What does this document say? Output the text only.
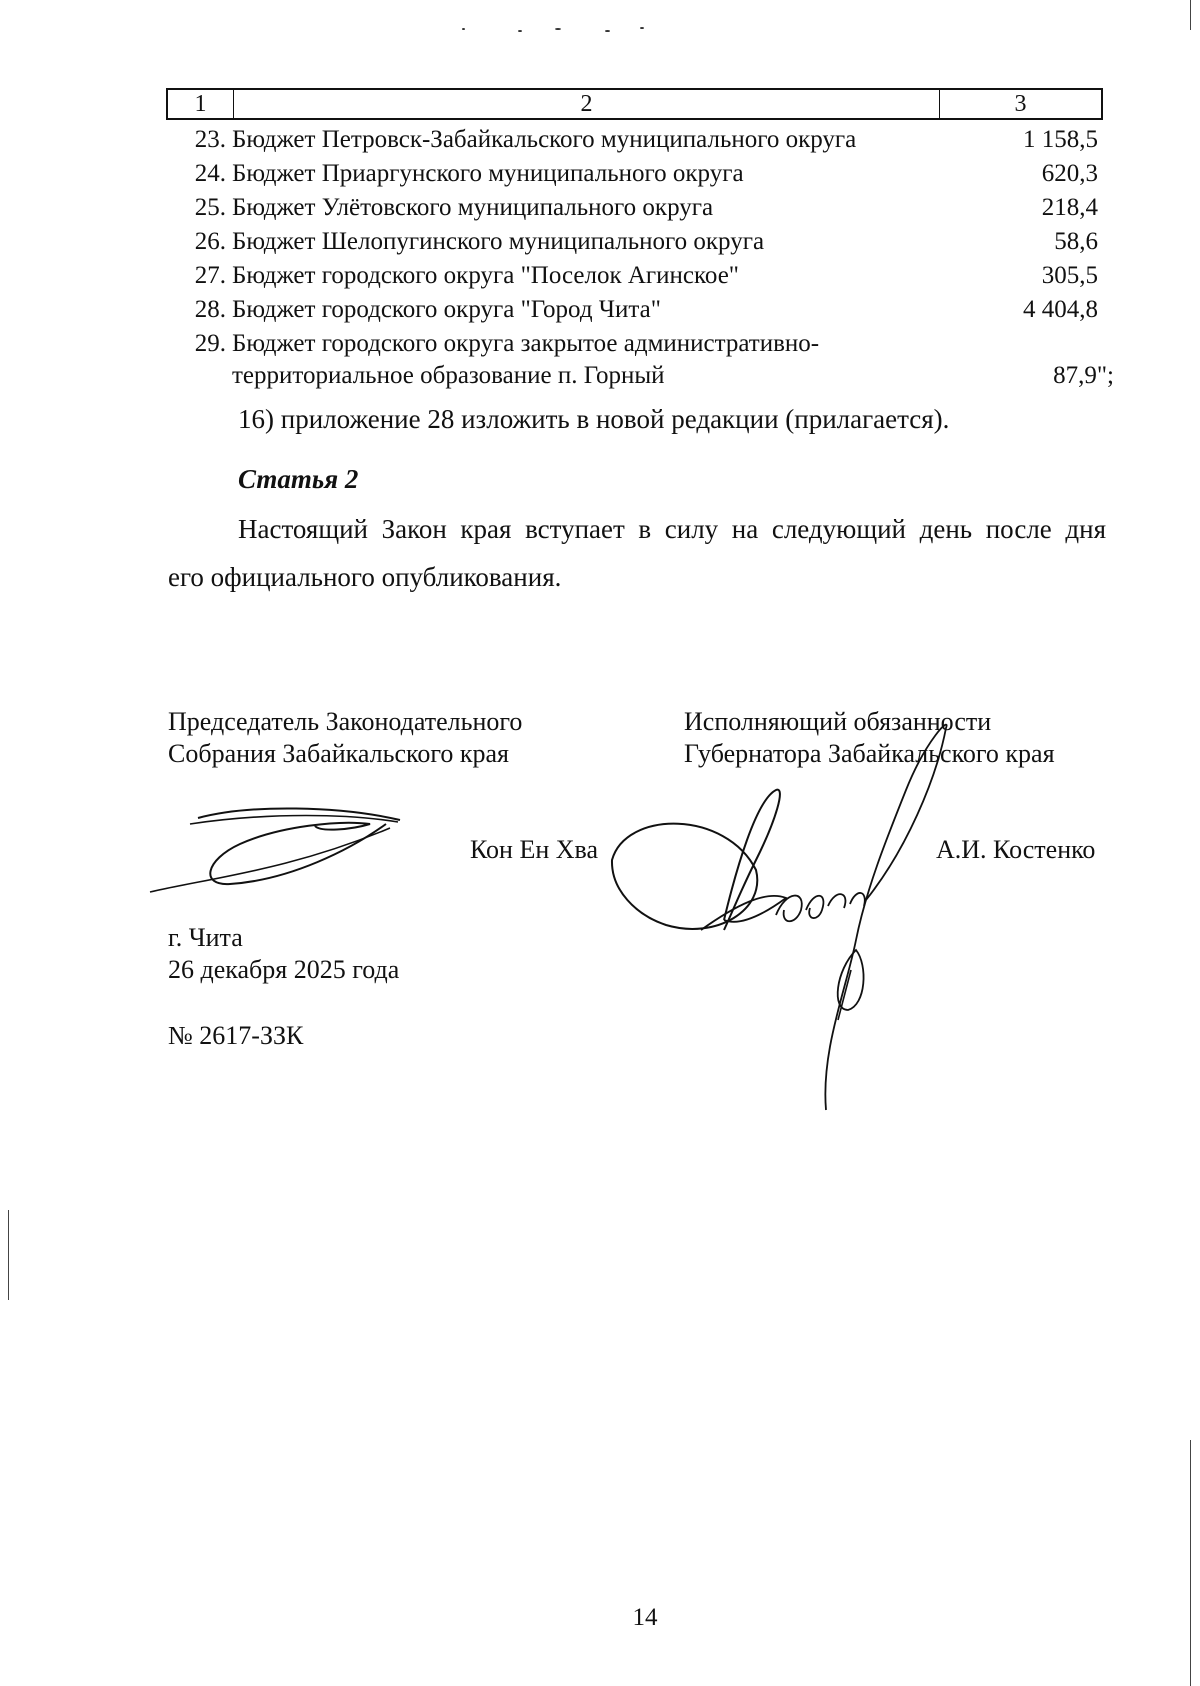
1	2	3
23. Бюджет Петровск-Забайкальского муниципального округа	1 158,5
24. Бюджет Приаргунского муниципального округа	620,3
25. Бюджет Улётовского муниципального округа	218,4
26. Бюджет Шелопугинского муниципального округа	58,6
27. Бюджет городского округа "Поселок Агинское"	305,5
28. Бюджет городского округа "Город Чита"	4 404,8
29. Бюджет городского округа закрытое административно-
территориальное образование п. Горный	87,9";
16) приложение 28 изложить в новой редакции (прилагается).
Статья 2
Настоящий Закон края вступает в силу на следующий день после дня
его официального опубликования.
Председатель Законодательного
Собрания Забайкальского края
Исполняющий обязанности
Губернатора Забайкальского края
Кон Ен Хва	А.И. Костенко
г. Чита
26 декабря 2025 года
№ 2617-ЗЗК
14
